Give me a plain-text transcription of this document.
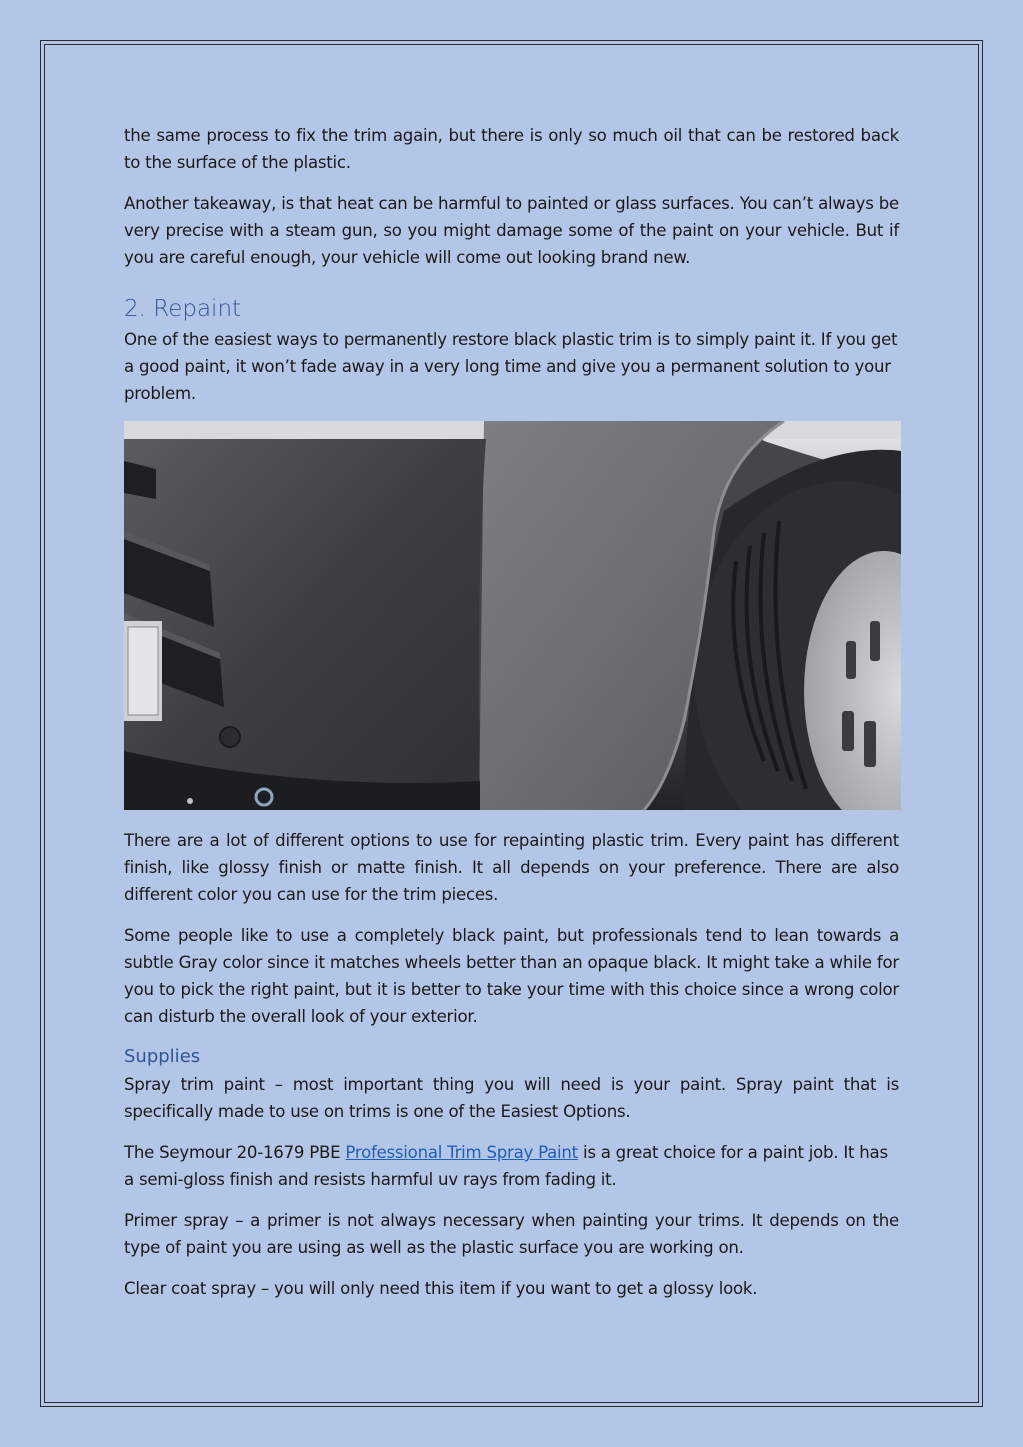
the same process to fix the trim again, but there is only so much oil that can be restored back to the surface of the plastic.

Another takeaway, is that heat can be harmful to painted or glass surfaces. You can’t always be very precise with a steam gun, so you might damage some of the paint on your vehicle. But if you are careful enough, your vehicle will come out looking brand new.

2. Repaint

One of the easiest ways to permanently restore black plastic trim is to simply paint it. If you get a good paint, it won’t fade away in a very long time and give you a permanent solution to your problem.

There are a lot of different options to use for repainting plastic trim. Every paint has different finish, like glossy finish or matte finish. It all depends on your preference. There are also different color you can use for the trim pieces.

Some people like to use a completely black paint, but professionals tend to lean towards a subtle Gray color since it matches wheels better than an opaque black. It might take a while for you to pick the right paint, but it is better to take your time with this choice since a wrong color can disturb the overall look of your exterior.

Supplies

Spray trim paint – most important thing you will need is your paint. Spray paint that is specifically made to use on trims is one of the Easiest Options.

The Seymour 20-1679 PBE Professional Trim Spray Paint is a great choice for a paint job. It has a semi-gloss finish and resists harmful uv rays from fading it.

Primer spray – a primer is not always necessary when painting your trims. It depends on the type of paint you are using as well as the plastic surface you are working on.

Clear coat spray – you will only need this item if you want to get a glossy look.
